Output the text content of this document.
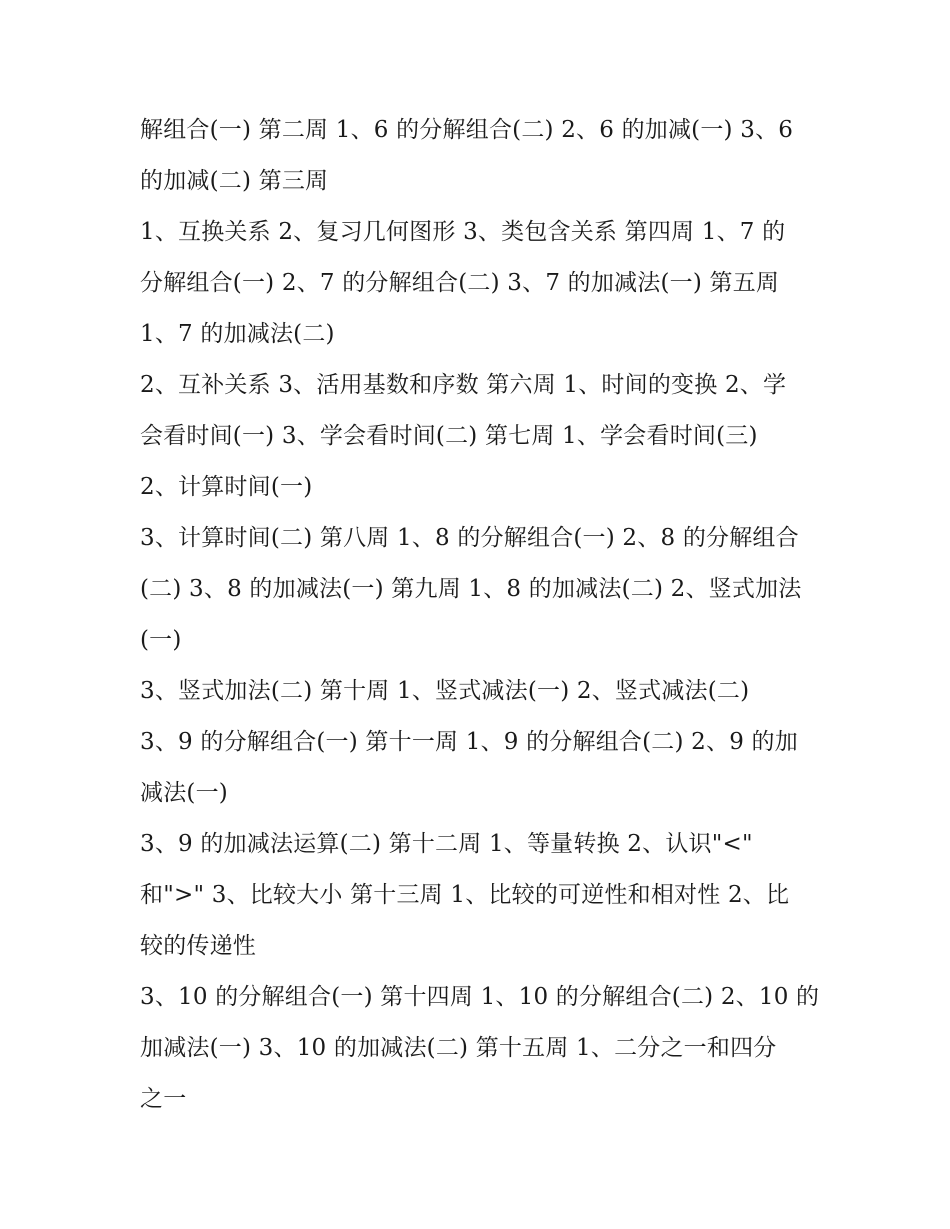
解组合(一) 第二周 1、6 的分解组合(二) 2、6 的加减(一) 3、6
的加减(二) 第三周
1、互换关系 2、复习几何图形 3、类包含关系 第四周 1、7 的
分解组合(一) 2、7 的分解组合(二) 3、7 的加减法(一) 第五周
1、7 的加减法(二)
2、互补关系 3、活用基数和序数 第六周 1、时间的变换 2、学
会看时间(一) 3、学会看时间(二) 第七周 1、学会看时间(三)
2、计算时间(一)
3、计算时间(二) 第八周 1、8 的分解组合(一) 2、8 的分解组合
(二) 3、8 的加减法(一) 第九周 1、8 的加减法(二) 2、竖式加法
(一)
3、竖式加法(二) 第十周 1、竖式减法(一) 2、竖式减法(二)
3、9 的分解组合(一) 第十一周 1、9 的分解组合(二) 2、9 的加
减法(一)
3、9 的加减法运算(二) 第十二周 1、等量转换 2、认识"<"
和">" 3、比较大小 第十三周 1、比较的可逆性和相对性 2、比
较的传递性
3、10 的分解组合(一) 第十四周 1、10 的分解组合(二) 2、10 的
加减法(一) 3、10 的加减法(二) 第十五周 1、二分之一和四分
之一
